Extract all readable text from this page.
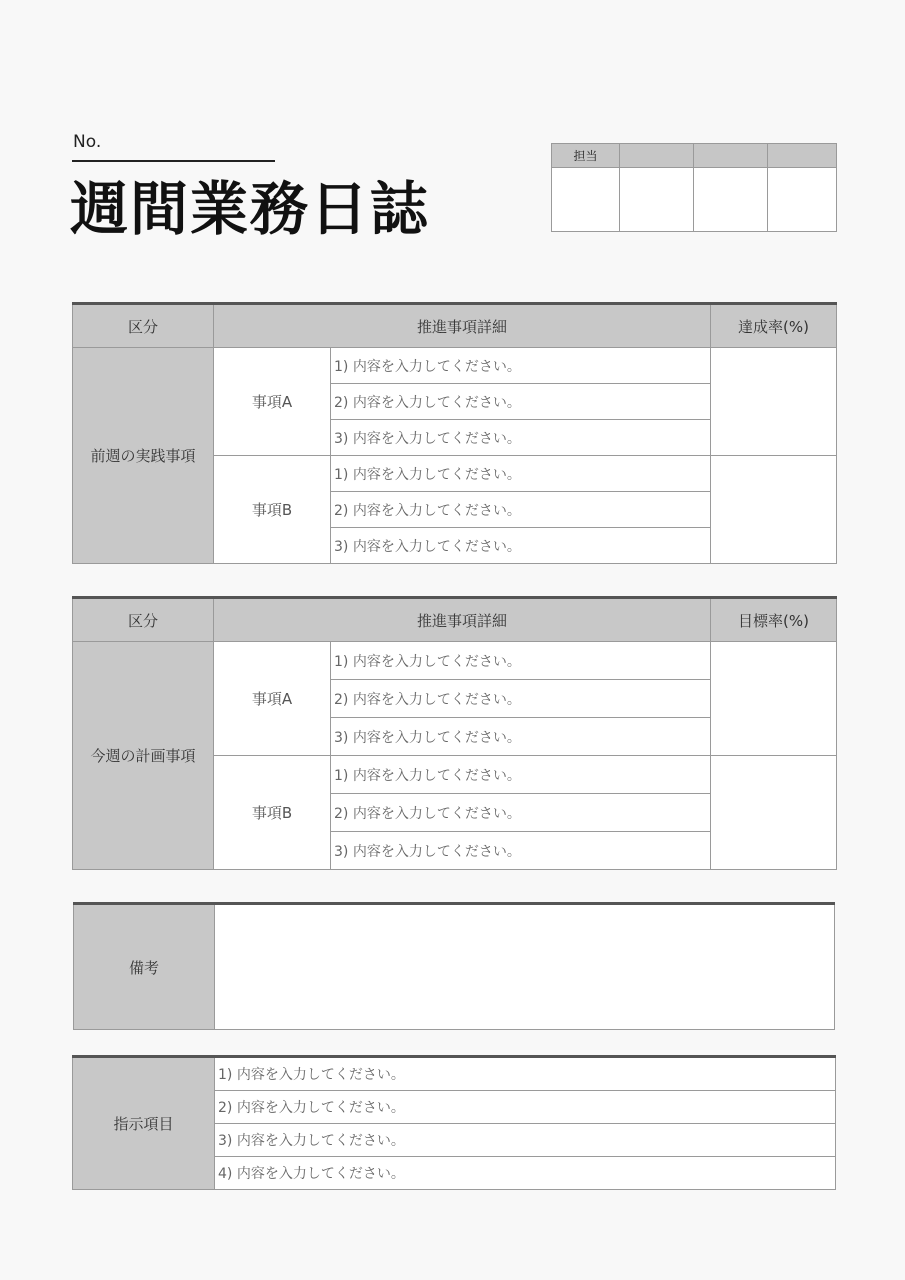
No.
週間業務日誌
担当			

区分	推進事項詳細		達成率(%)
前週の実践事項	事項A	1) 内容を入力してください。	
		2) 内容を入力してください。	
		3) 内容を入力してください。	
	事項B	1) 内容を入力してください。	
		2) 内容を入力してください。	
		3) 内容を入力してください。	
区分	推進事項詳細		目標率(%)
今週の計画事項	事項A	1) 内容を入力してください。	
		2) 内容を入力してください。	
		3) 内容を入力してください。	
	事項B	1) 内容を入力してください。	
		2) 内容を入力してください。	
		3) 内容を入力してください。	
備考	
指示項目	1) 内容を入力してください。
2) 内容を入力してください。
3) 内容を入力してください。
4) 内容を入力してください。
